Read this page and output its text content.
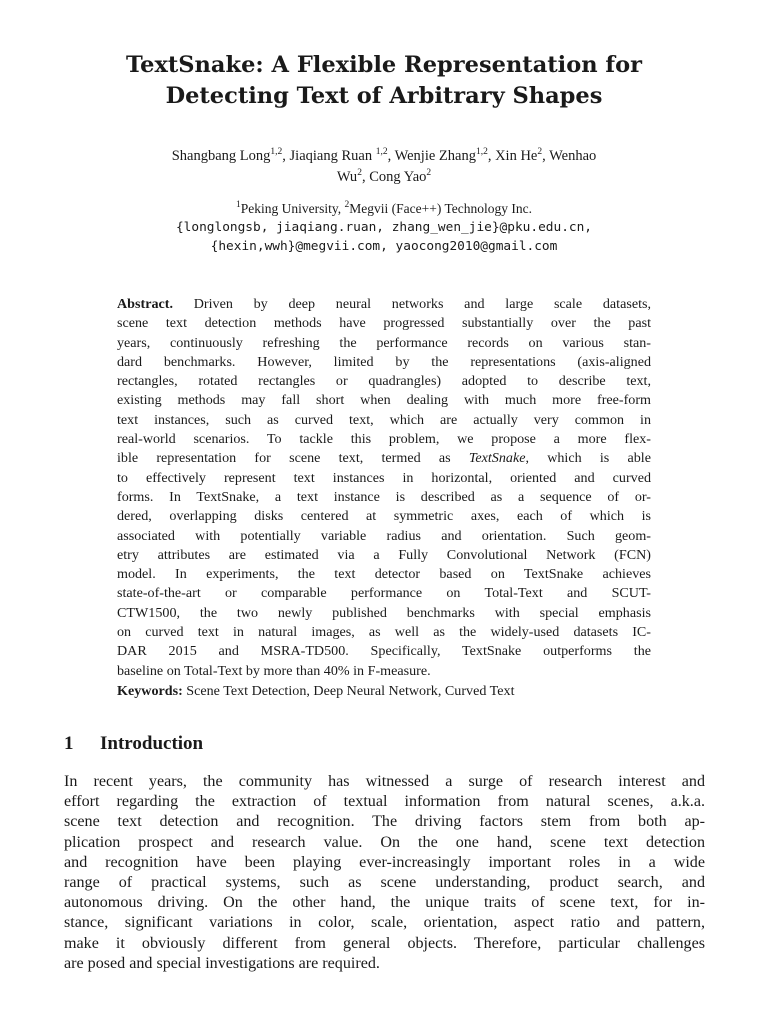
TextSnake: A Flexible Representation for
Detecting Text of Arbitrary Shapes
Shangbang Long$^{1,2}$, Jiaqiang Ruan $^{1,2}$, Wenjie Zhang$^{1,2}$, Xin He$^2$, Wenhao
Wu$^2$, Cong Yao$^2$
$^1$Peking University, $^2$Megvii (Face++) Technology Inc.
{longlongsb, jiaqiang.ruan, zhang_wen_jie}@pku.edu.cn,
{hexin,wwh}@megvii.com, yaocong2010@gmail.com
Abstract. Driven by deep neural networks and large scale datasets,
scene text detection methods have progressed substantially over the past
years, continuously refreshing the performance records on various stan-
dard benchmarks. However, limited by the representations (axis-aligned
rectangles, rotated rectangles or quadrangles) adopted to describe text,
existing methods may fall short when dealing with much more free-form
text instances, such as curved text, which are actually very common in
real-world scenarios. To tackle this problem, we propose a more flex-
ible representation for scene text, termed as TextSnake, which is able
to effectively represent text instances in horizontal, oriented and curved
forms. In TextSnake, a text instance is described as a sequence of or-
dered, overlapping disks centered at symmetric axes, each of which is
associated with potentially variable radius and orientation. Such geom-
etry attributes are estimated via a Fully Convolutional Network (FCN)
model. In experiments, the text detector based on TextSnake achieves
state-of-the-art or comparable performance on Total-Text and SCUT-
CTW1500, the two newly published benchmarks with special emphasis
on curved text in natural images, as well as the widely-used datasets IC-
DAR 2015 and MSRA-TD500. Specifically, TextSnake outperforms the
baseline on Total-Text by more than 40% in F-measure.
Keywords: Scene Text Detection, Deep Neural Network, Curved Text
1 Introduction
In recent years, the community has witnessed a surge of research interest and
effort regarding the extraction of textual information from natural scenes, a.k.a.
scene text detection and recognition. The driving factors stem from both ap-
plication prospect and research value. On the one hand, scene text detection
and recognition have been playing ever-increasingly important roles in a wide
range of practical systems, such as scene understanding, product search, and
autonomous driving. On the other hand, the unique traits of scene text, for in-
stance, significant variations in color, scale, orientation, aspect ratio and pattern,
make it obviously different from general objects. Therefore, particular challenges
are posed and special investigations are required.
